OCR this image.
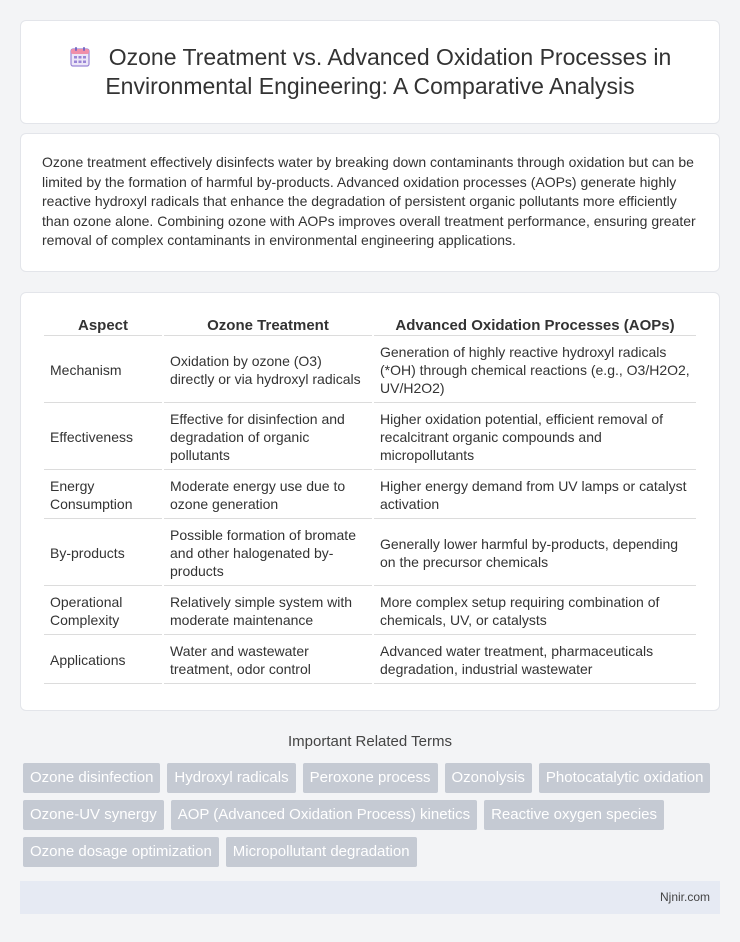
Ozone Treatment vs. Advanced Oxidation Processes in Environmental Engineering: A Comparative Analysis
Ozone treatment effectively disinfects water by breaking down contaminants through oxidation but can be limited by the formation of harmful by-products. Advanced oxidation processes (AOPs) generate highly reactive hydroxyl radicals that enhance the degradation of persistent organic pollutants more efficiently than ozone alone. Combining ozone with AOPs improves overall treatment performance, ensuring greater removal of complex contaminants in environmental engineering applications.
Aspect	Ozone Treatment	Advanced Oxidation Processes (AOPs)
Mechanism	Oxidation by ozone (O3) directly or via hydroxyl radicals	Generation of highly reactive hydroxyl radicals (*OH) through chemical reactions (e.g., O3/H2O2, UV/H2O2)
Effectiveness	Effective for disinfection and degradation of organic pollutants	Higher oxidation potential, efficient removal of recalcitrant organic compounds and micropollutants
Energy Consumption	Moderate energy use due to ozone generation	Higher energy demand from UV lamps or catalyst activation
By-products	Possible formation of bromate and other halogenated by-products	Generally lower harmful by-products, depending on the precursor chemicals
Operational Complexity	Relatively simple system with moderate maintenance	More complex setup requiring combination of chemicals, UV, or catalysts
Applications	Water and wastewater treatment, odor control	Advanced water treatment, pharmaceuticals degradation, industrial wastewater
Important Related Terms
Ozone disinfection	Hydroxyl radicals	Peroxone process	Ozonolysis	Photocatalytic oxidation
Ozone-UV synergy	AOP (Advanced Oxidation Process) kinetics	Reactive oxygen species
Ozone dosage optimization	Micropollutant degradation
Njnir.com
